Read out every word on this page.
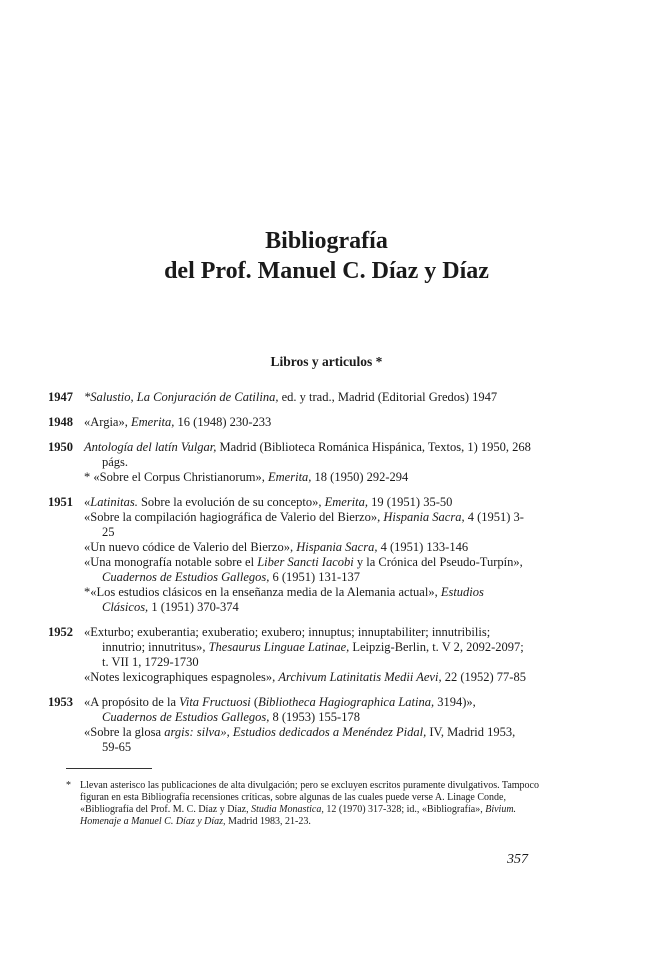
Bibliografía
del Prof. Manuel C. Díaz y Díaz
Libros y articulos *
1947 *Salustio, La Conjuración de Catilina, ed. y trad., Madrid (Editorial Gredos) 1947
1948 «Argia», Emerita, 16 (1948) 230-233
1950 Antología del latín Vulgar, Madrid (Biblioteca Románica Hispánica, Textos, 1) 1950, 268 págs.
* «Sobre el Corpus Christianorum», Emerita, 18 (1950) 292-294
1951 «Latinitas. Sobre la evolución de su concepto», Emerita, 19 (1951) 35-50
«Sobre la compilación hagiográfica de Valerio del Bierzo», Hispania Sacra, 4 (1951) 3-25
«Un nuevo códice de Valerio del Bierzo», Hispania Sacra, 4 (1951) 133-146
«Una monografía notable sobre el Liber Sancti Iacobi y la Crónica del Pseudo-Turpín», Cuadernos de Estudios Gallegos, 6 (1951) 131-137
*«Los estudios clásicos en la enseñanza media de la Alemania actual», Estudios Clásicos, 1 (1951) 370-374
1952 «Exturbo; exuberantia; exuberatio; exubero; innuptus; innuptabiliter; innutribilis; innutrio; innutritus», Thesaurus Linguae Latinae, Leipzig-Berlin, t. V 2, 2092-2097; t. VII 1, 1729-1730
«Notes lexicographiques espagnoles», Archivum Latinitatis Medii Aevi, 22 (1952) 77-85
1953 «A propósito de la Vita Fructuosi (Bibliotheca Hagiographica Latina, 3194)», Cuadernos de Estudios Gallegos, 8 (1953) 155-178
«Sobre la glosa argis: silva», Estudios dedicados a Menéndez Pidal, IV, Madrid 1953, 59-65
* Llevan asterisco las publicaciones de alta divulgación; pero se excluyen escritos puramente divulgativos. Tampoco figuran en esta Bibliografía recensiones críticas, sobre algunas de las cuales puede verse A. Linage Conde, «Bibliografía del Prof. M. C. Díaz y Díaz, Studia Monastica, 12 (1970) 317-328; id., «Bibliografía», Bivium. Homenaje a Manuel C. Díaz y Díaz, Madrid 1983, 21-23.
357
